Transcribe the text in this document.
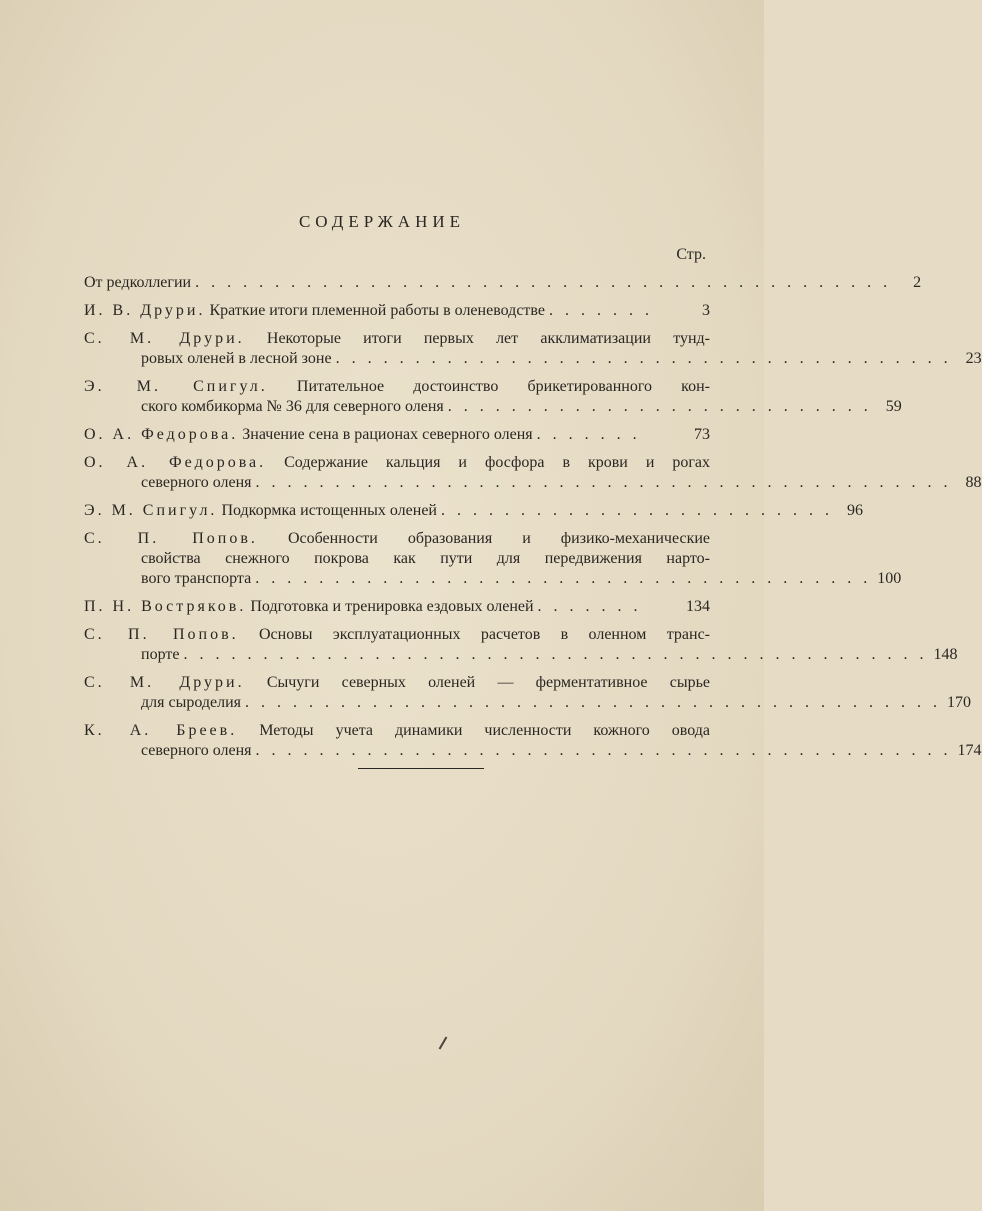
СОДЕРЖАНИЕ
Стр.
От редколлегии . . . . . . . . . . . . . . . . . . . . . . . . . . . . . . . . . . . . . . . . . . . .	2
И. В. Друри. Краткие итоги племенной работы в оленеводстве . . . . . . .	3
С. М. Друри. Некоторые итоги первых лет акклиматизации тунд-
ровых оленей в лесной зоне . . . . . . . . . . . . . . . . . . . . . . . . . . . . . . . . . . . . . . . 23
Э. М. Спигул. Питательное достоинство брикетированного кон-
ского комбикорма № 36 для северного оленя . . . . . . . . . . . . . . . . . . . . . . . . . . . 59
О. А. Федорова. Значение сена в рационах северного оленя . . . . . . .	73
О. А. Федорова. Содержание кальция и фосфора в крови и рогах
северного оленя . . . . . . . . . . . . . . . . . . . . . . . . . . . . . . . . . . . . . . . . . . . . 88
Э. М. Спигул. Подкормка истощенных оленей . . . . . . . . . . . . . . . . . . . . . . . . . 96
С. П. Попов. Особенности образования и физико-механические
свойства снежного покрова как пути для передвижения нарто-
вого транспорта . . . . . . . . . . . . . . . . . . . . . . . . . . . . . . . . . . . . . . . 100
П. Н. Востряков. Подготовка и тренировка ездовых оленей . . . . . . .	134
С. П. Попов. Основы эксплуатационных расчетов в оленном транс-
порте . . . . . . . . . . . . . . . . . . . . . . . . . . . . . . . . . . . . . . . . . . . . . . . 148
С. М. Друри. Сычуги северных оленей — ферментативное сырье
для сыроделия . . . . . . . . . . . . . . . . . . . . . . . . . . . . . . . . . . . . . . . . . . . . 170
К. А. Бреев. Методы учета динамики численности кожного овода
северного оленя . . . . . . . . . . . . . . . . . . . . . . . . . . . . . . . . . . . . . . . . . . . . 174
